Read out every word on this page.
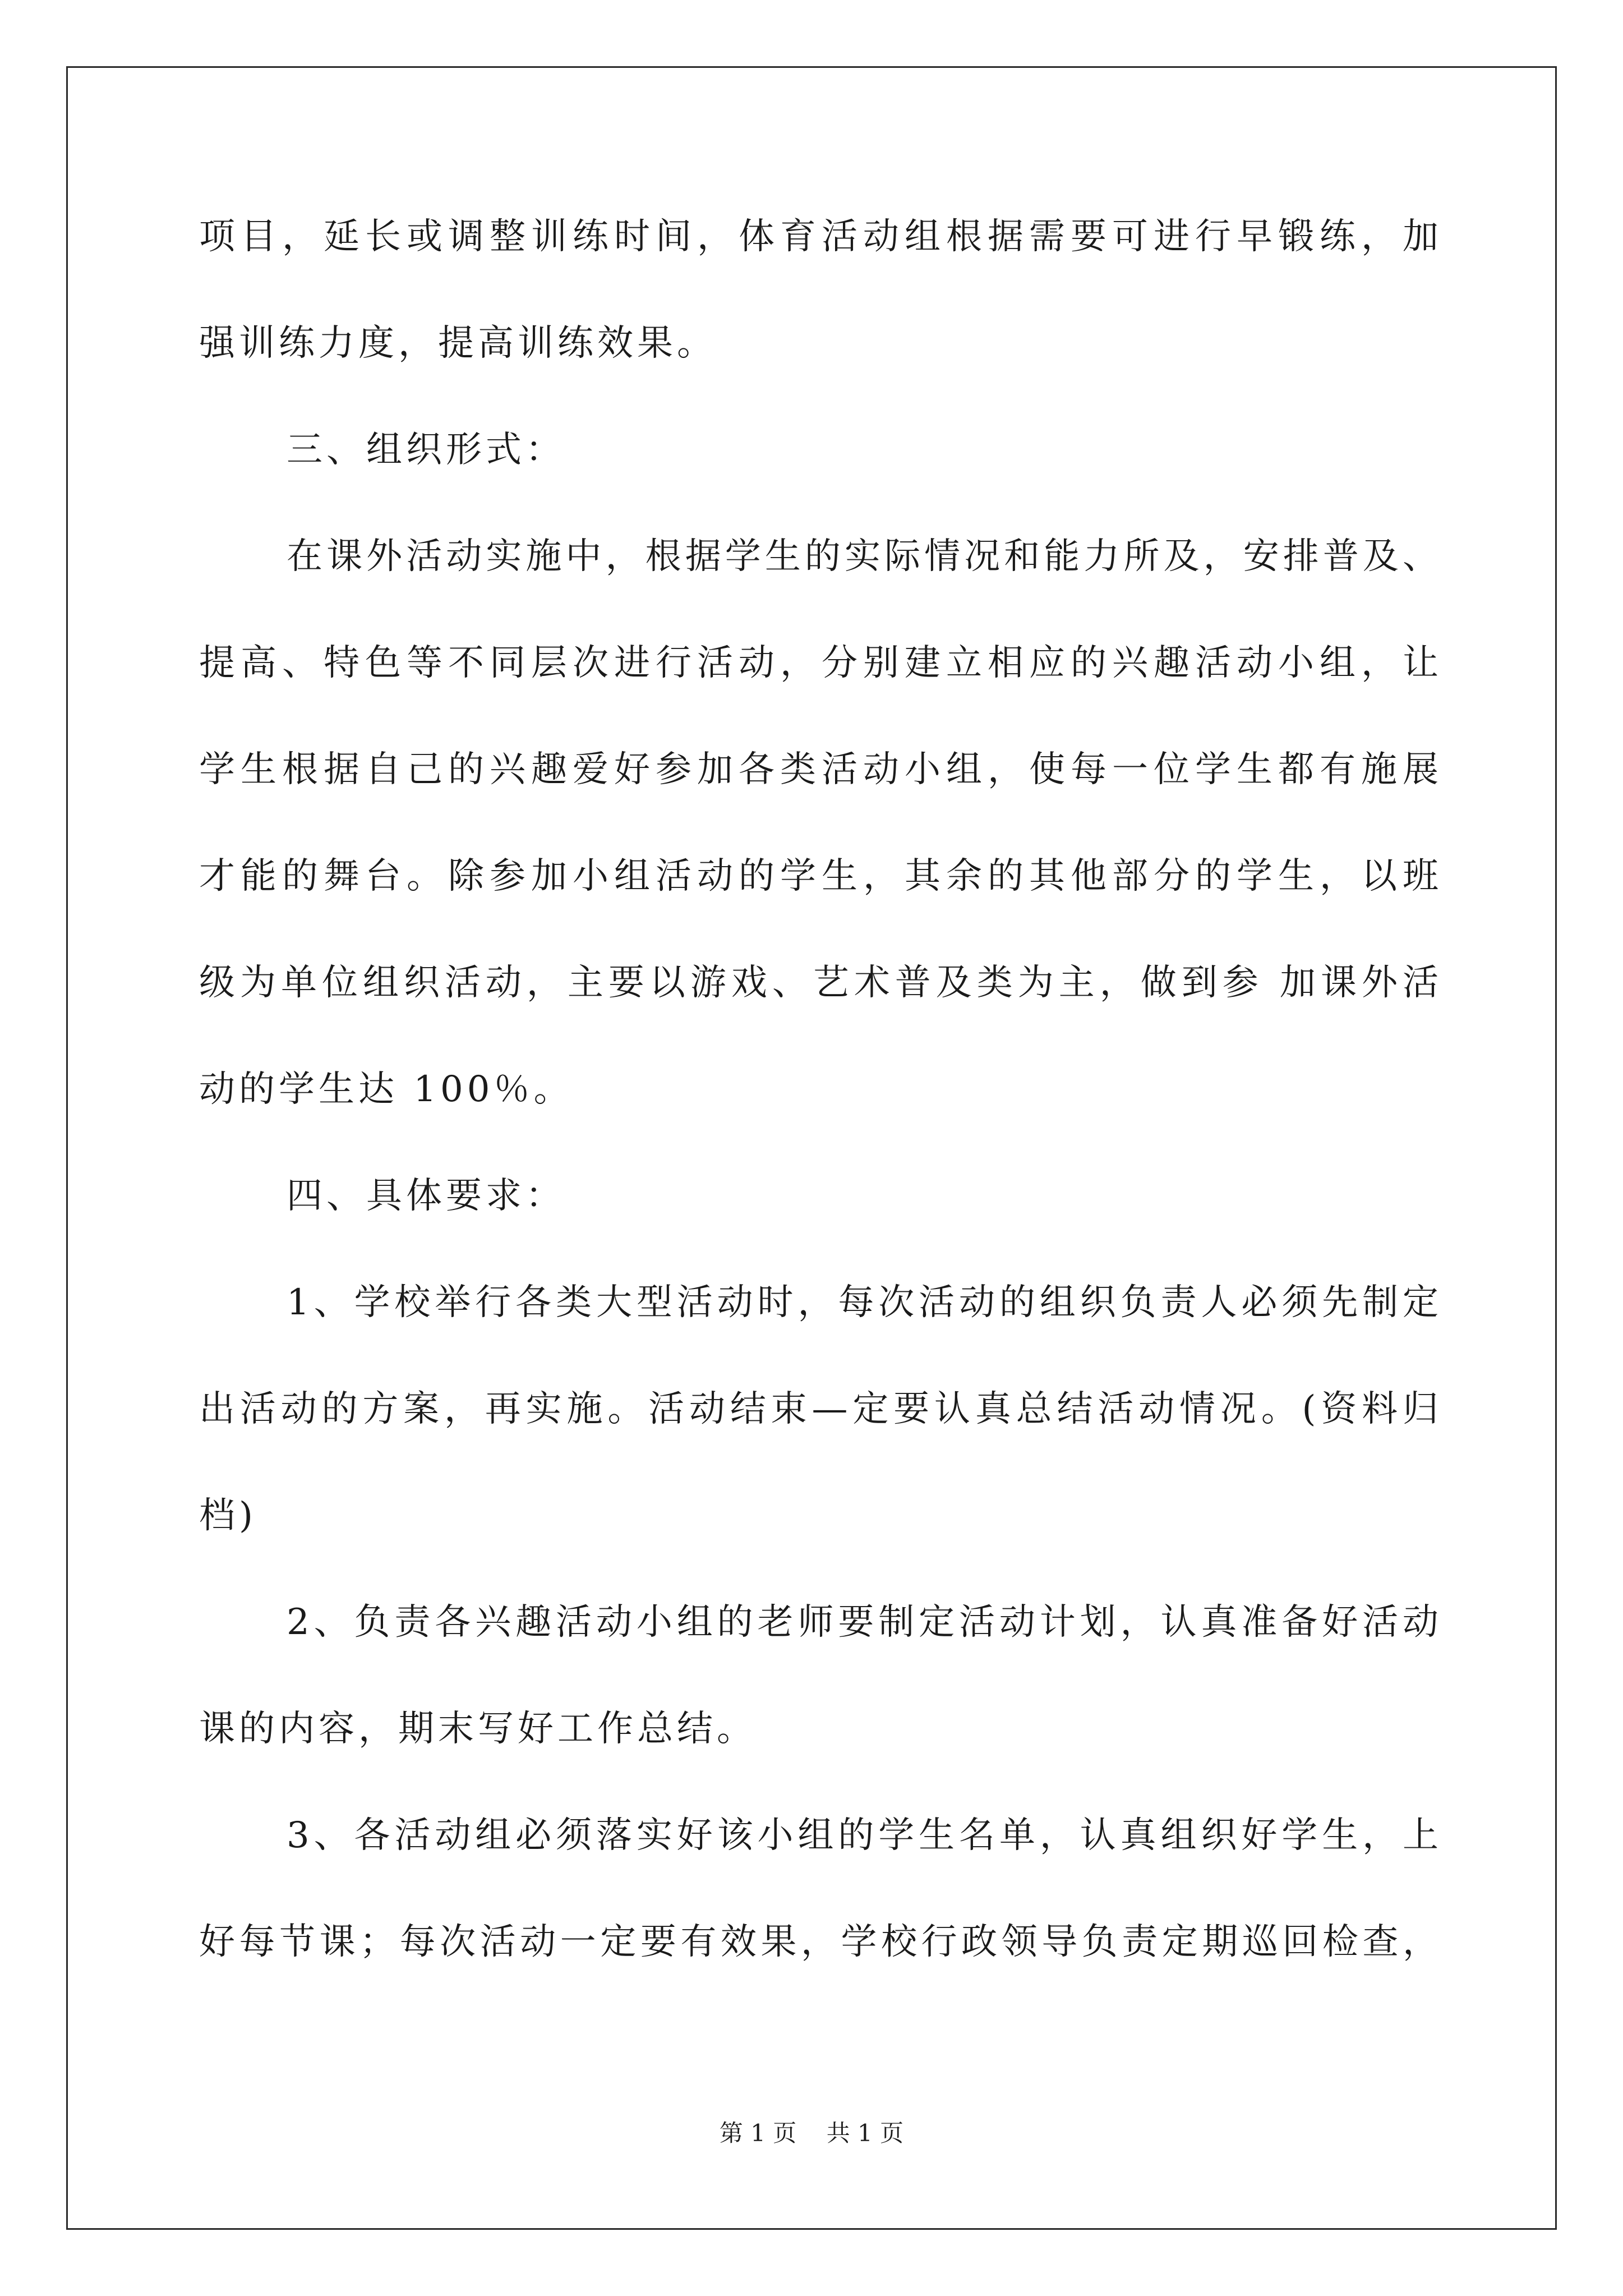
项目，延长或调整训练时间，体育活动组根据需要可进行早锻练，加
强训练力度，提高训练效果。
三、组织形式：
在课外活动实施中，根据学生的实际情况和能力所及，安排普及、
提高、特色等不同层次进行活动，分别建立相应的兴趣活动小组，让
学生根据自己的兴趣爱好参加各类活动小组，使每一位学生都有施展
才能的舞台。除参加小组活动的学生，其余的其他部分的学生，以班
级为单位组织活动，主要以游戏、艺术普及类为主，做到参 加课外活
动的学生达 100％。
四、具体要求：
1、学校举行各类大型活动时，每次活动的组织负责人必须先制定
出活动的方案，再实施。活动结束—定要认真总结活动情况。(资料归
档)
2、负责各兴趣活动小组的老师要制定活动计划，认真准备好活动
课的内容，期末写好工作总结。
3、各活动组必须落实好该小组的学生名单，认真组织好学生，上
好每节课；每次活动一定要有效果，学校行政领导负责定期巡回检查，
第 1 页 共 1 页
